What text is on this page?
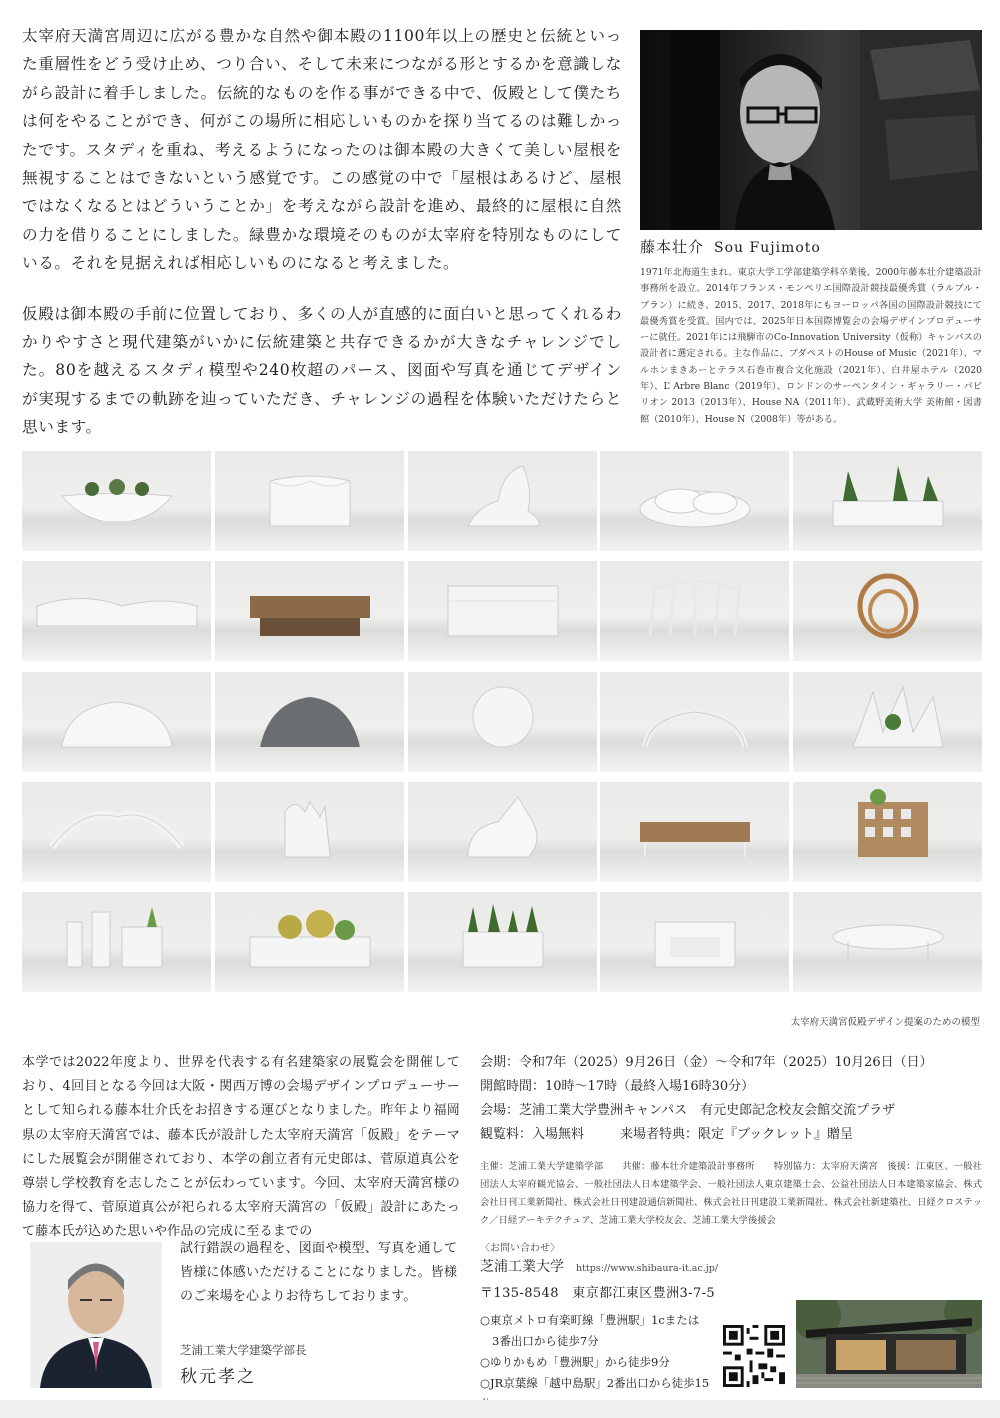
太宰府天満宮周辺に広がる豊かな自然や御本殿の1100年以上の歴史と伝統といった重層性をどう受け止め、つり合い、そして未来につながる形とするかを意識しながら設計に着手しました。伝統的なものを作る事ができる中で、仮殿として僕たちは何をやることができ、何がこの場所に相応しいものかを探り当てるのは難しかったです。スタディを重ね、考えるようになったのは御本殿の大きくて美しい屋根を無視することはできないという感覚です。この感覚の中で「屋根はあるけど、屋根ではなくなるとはどういうことか」を考えながら設計を進め、最終的に屋根に自然の力を借りることにしました。緑豊かな環境そのものが太宰府を特別なものにしている。それを見据えれば相応しいものになると考えました。

仮殿は御本殿の手前に位置しており、多くの人が直感的に面白いと思ってくれるわかりやすさと現代建築がいかに伝統建築と共存できるかが大きなチャレンジでした。80を越えるスタディ模型や240枚超のパース、図面や写真を通じてデザインが実現するまでの軌跡を辿っていただき、チャレンジの過程を体験いただけたらと思います。

藤本壮介 Sou Fujimoto
1971年北海道生まれ。東京大学工学部建築学科卒業後、2000年藤本壮介建築設計事務所を設立。2014年フランス・モンペリエ国際設計競技最優秀賞（ラルブル・ブラン）に続き、2015、2017、2018年にもヨーロッパ各国の国際設計競技にて最優秀賞を受賞。国内では、2025年日本国際博覧会の会場デザインプロデューサーに就任。2021年には飛騨市のCo-Innovation University（仮称）キャンパスの設計者に選定される。主な作品に、ブダペストのHouse of Music（2021年）、マルホンまきあーとテラス石巻市複合文化施設（2021年）、白井屋ホテル（2020年）、L’ Arbre Blanc（2019年）、ロンドンのサーペンタイン・ギャラリー・パビリオン 2013（2013年）、House NA（2011年）、武蔵野美術大学 美術館・図書館（2010年）、House N（2008年）等がある。
太宰府天満宮仮殿デザイン提案のための模型
本学では2022年度より、世界を代表する有名建築家の展覧会を開催しており、4回目となる今回は大阪・関西万博の会場デザインプロデューサーとして知られる藤本壮介氏をお招きする運びとなりました。昨年より福岡県の太宰府天満宮では、藤本氏が設計した太宰府天満宮「仮殿」をテーマにした展覧会が開催されており、本学の創立者有元史郎は、菅原道真公を尊崇し学校教育を志したことが伝わっています。今回、太宰府天満宮様の協力を得て、菅原道真公が祀られる太宰府天満宮の「仮殿」設計にあたって藤本氏が込めた思いや作品の完成に至るまでの
試行錯誤の過程を、図面や模型、写真を通して皆様に体感いただけることになりました。皆様のご来場を心よりお待ちしております。
芝浦工業大学建築学部長
秋元孝之
会期：令和7年（2025）9月26日（金）〜令和7年（2025）10月26日（日）
開館時間：10時〜17時（最終入場16時30分）
会場：芝浦工業大学豊洲キャンパス　有元史郎記念校友会館交流プラザ
観覧料：入場無料	来場者特典：限定『ブックレット』贈呈
主催：芝浦工業大学建築学部　　共催：藤本壮介建築設計事務所　　特別協力：太宰府天満宮　後援：江東区、一般社団法人太宰府観光協会、一般社団法人日本建築学会、一般社団法人東京建築士会、公益社団法人日本建築家協会、株式会社日刊工業新聞社、株式会社日刊建設通信新聞社、株式会社日刊建設工業新聞社、株式会社新建築社、日経クロステック／日経アーキテクチュア、芝浦工業大学校友会、芝浦工業大学後援会
〈お問い合わせ〉
芝浦工業大学 https://www.shibaura-it.ac.jp/
〒135-8548　東京都江東区豊洲3-7-5
○東京メトロ有楽町線「豊洲駅」1cまたは
3番出口から徒歩7分
○ゆりかもめ「豊洲駅」から徒歩9分
○JR京葉線「越中島駅」2番出口から徒歩15
